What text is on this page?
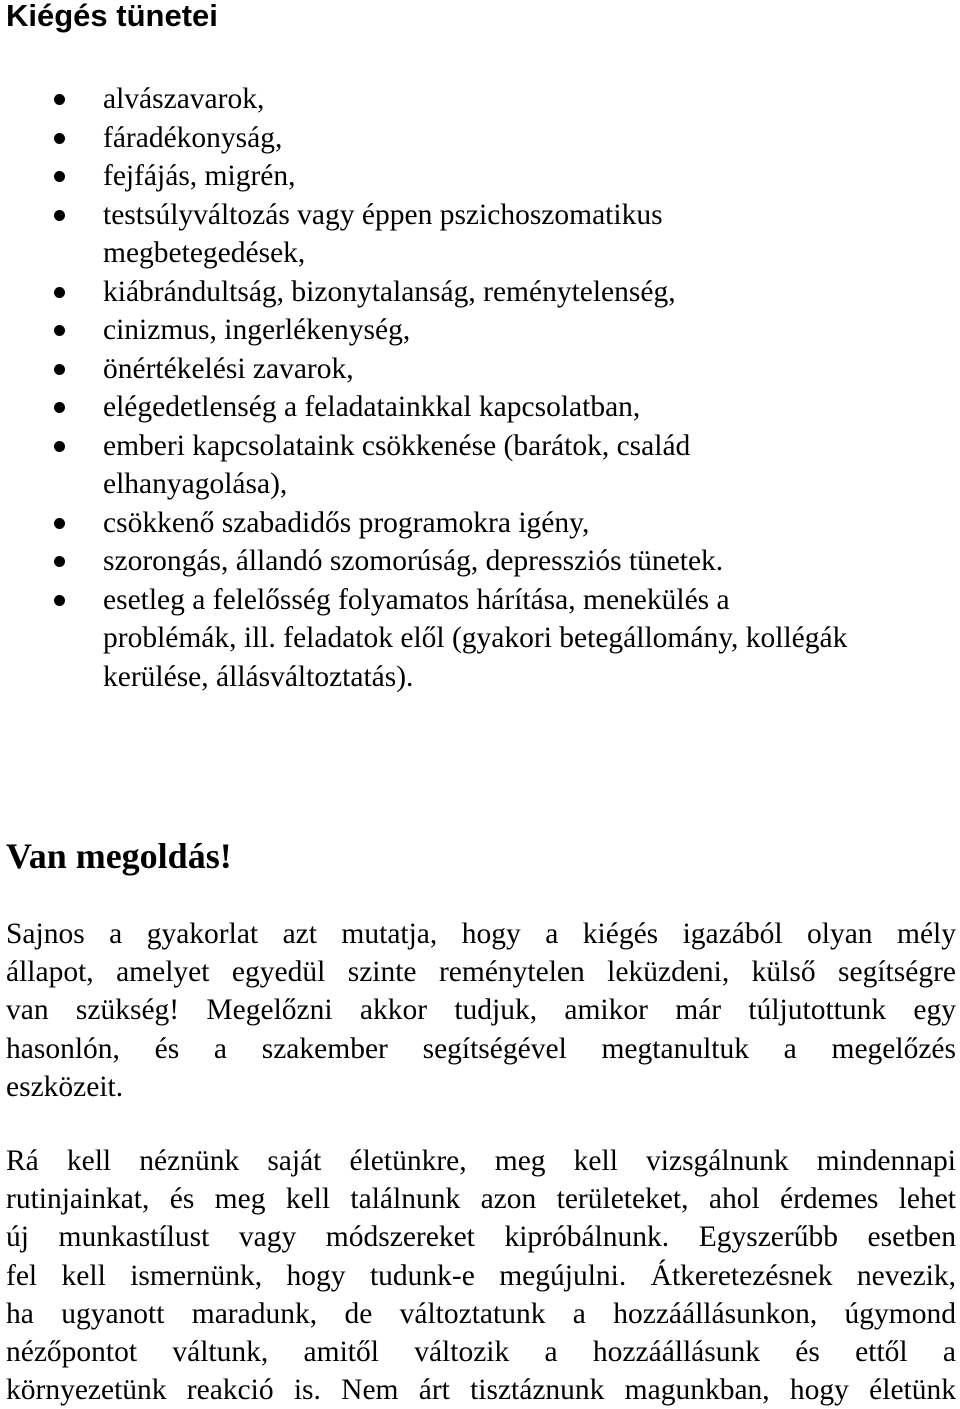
Kiégés tünetei
alvászavarok,
fáradékonyság,
fejfájás, migrén,
testsúlyváltozás vagy éppen pszichoszomatikus
megbetegedések,
kiábrándultság, bizonytalanság, reménytelenség,
cinizmus, ingerlékenység,
önértékelési zavarok,
elégedetlenség a feladatainkkal kapcsolatban,
emberi kapcsolataink csökkenése (barátok, család
elhanyagolása),
csökkenő szabadidős programokra igény,
szorongás, állandó szomorúság, depressziós tünetek.
esetleg a felelősség folyamatos hárítása, menekülés a
problémák, ill. feladatok elől (gyakori betegállomány, kollégák
kerülése, állásváltoztatás).
Van megoldás!

Sajnos a gyakorlat azt mutatja, hogy a kiégés igazából olyan mély
állapot, amelyet egyedül szinte reménytelen leküzdeni, külső segítségre
van szükség! Megelőzni akkor tudjuk, amikor már túljutottunk egy
hasonlón, és a szakember segítségével megtanultuk a megelőzés
eszközeit.

Rá kell néznünk saját életünkre, meg kell vizsgálnunk mindennapi
rutinjainkat, és meg kell találnunk azon területeket, ahol érdemes lehet
új munkastílust vagy módszereket kipróbálnunk. Egyszerűbb esetben
fel kell ismernünk, hogy tudunk-e megújulni. Átkeretezésnek nevezik,
ha ugyanott maradunk, de változtatunk a hozzáállásunkon, úgymond
nézőpontot váltunk, amitől változik a hozzáállásunk és ettől a
környezetünk reakció is. Nem árt tisztáznunk magunkban, hogy életünk
